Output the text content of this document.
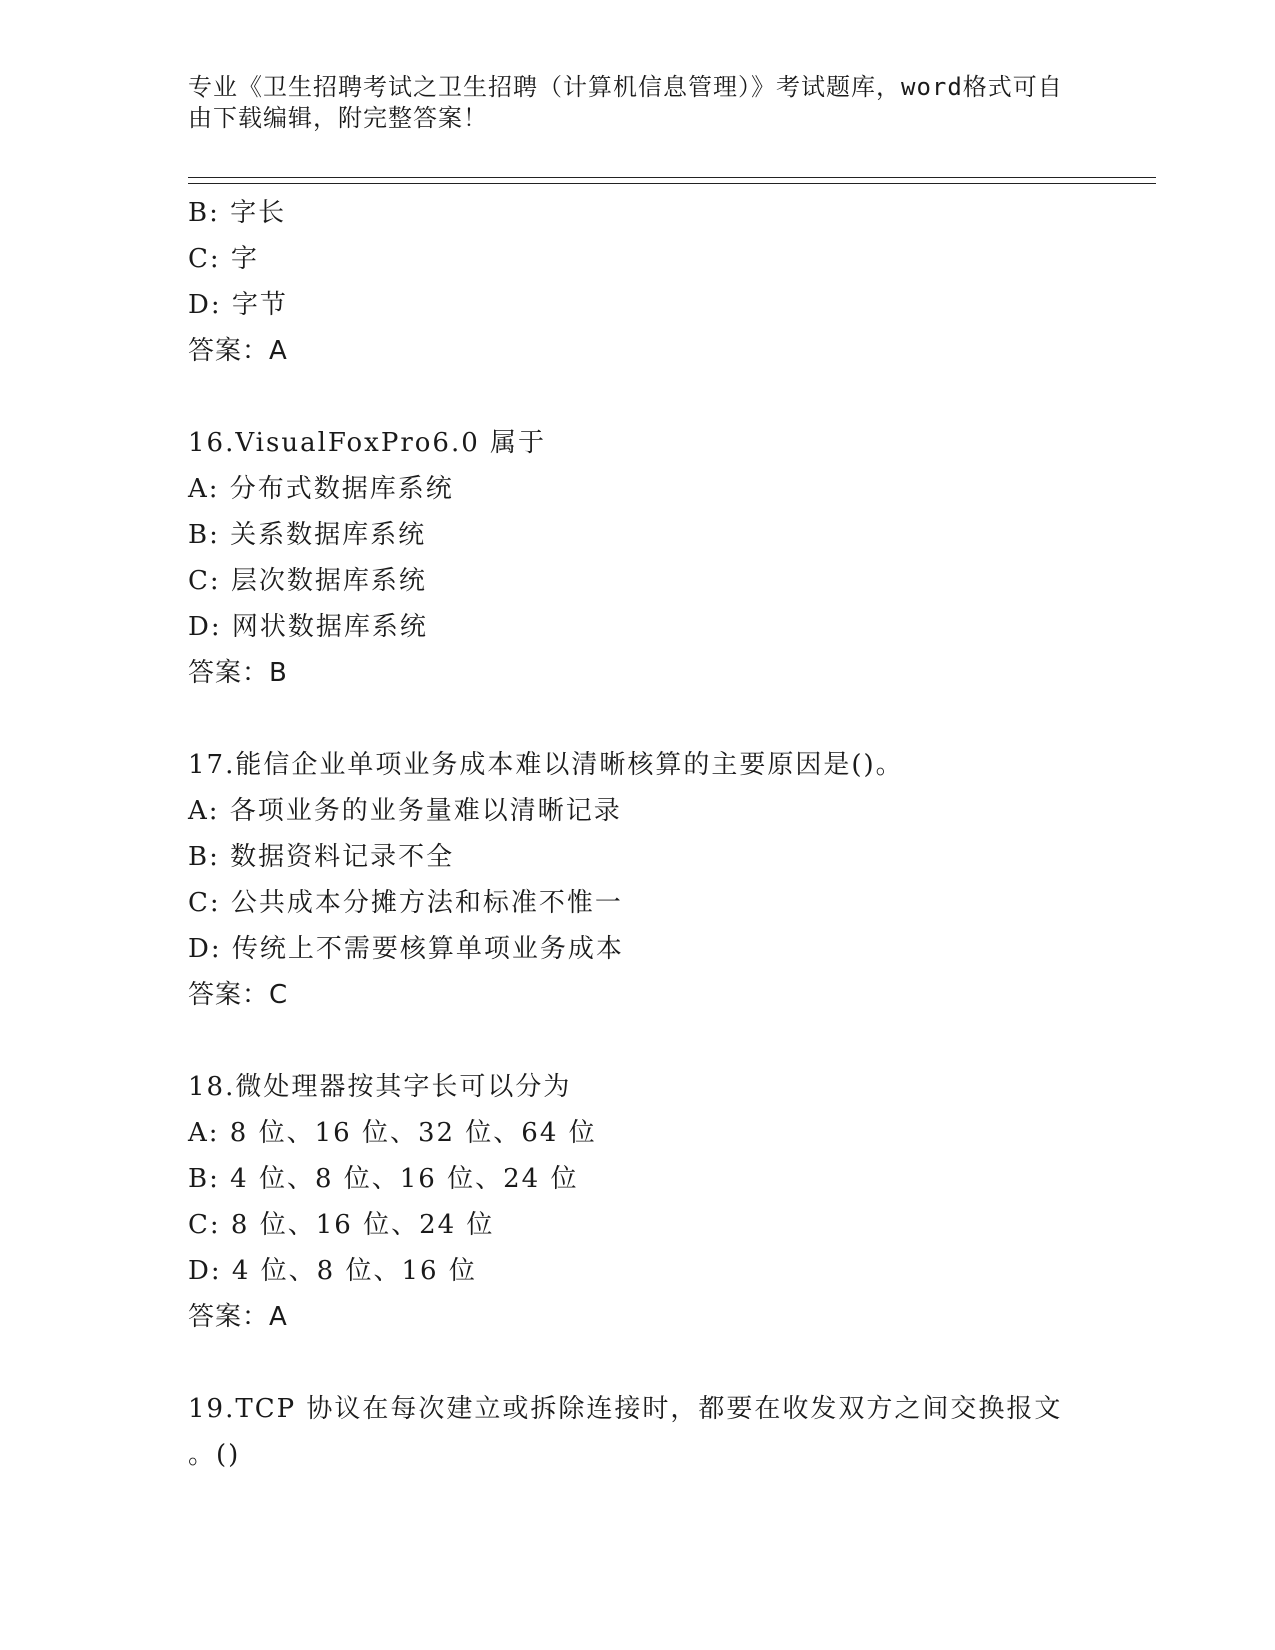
专业《卫生招聘考试之卫生招聘（计算机信息管理）》考试题库，word格式可自
由下载编辑，附完整答案！
B: 字长
C: 字
D: 字节
答案：A
16.VisualFoxPro6.0 属于
A: 分布式数据库系统
B: 关系数据库系统
C: 层次数据库系统
D: 网状数据库系统
答案：B
17.能信企业单项业务成本难以清晰核算的主要原因是()。
A: 各项业务的业务量难以清晰记录
B: 数据资料记录不全
C: 公共成本分摊方法和标准不惟一
D: 传统上不需要核算单项业务成本
答案：C
18.微处理器按其字长可以分为
A: 8 位、16 位、32 位、64 位
B: 4 位、8 位、16 位、24 位
C: 8 位、16 位、24 位
D: 4 位、8 位、16 位
答案：A
19.TCP 协议在每次建立或拆除连接时，都要在收发双方之间交换报文
。()
